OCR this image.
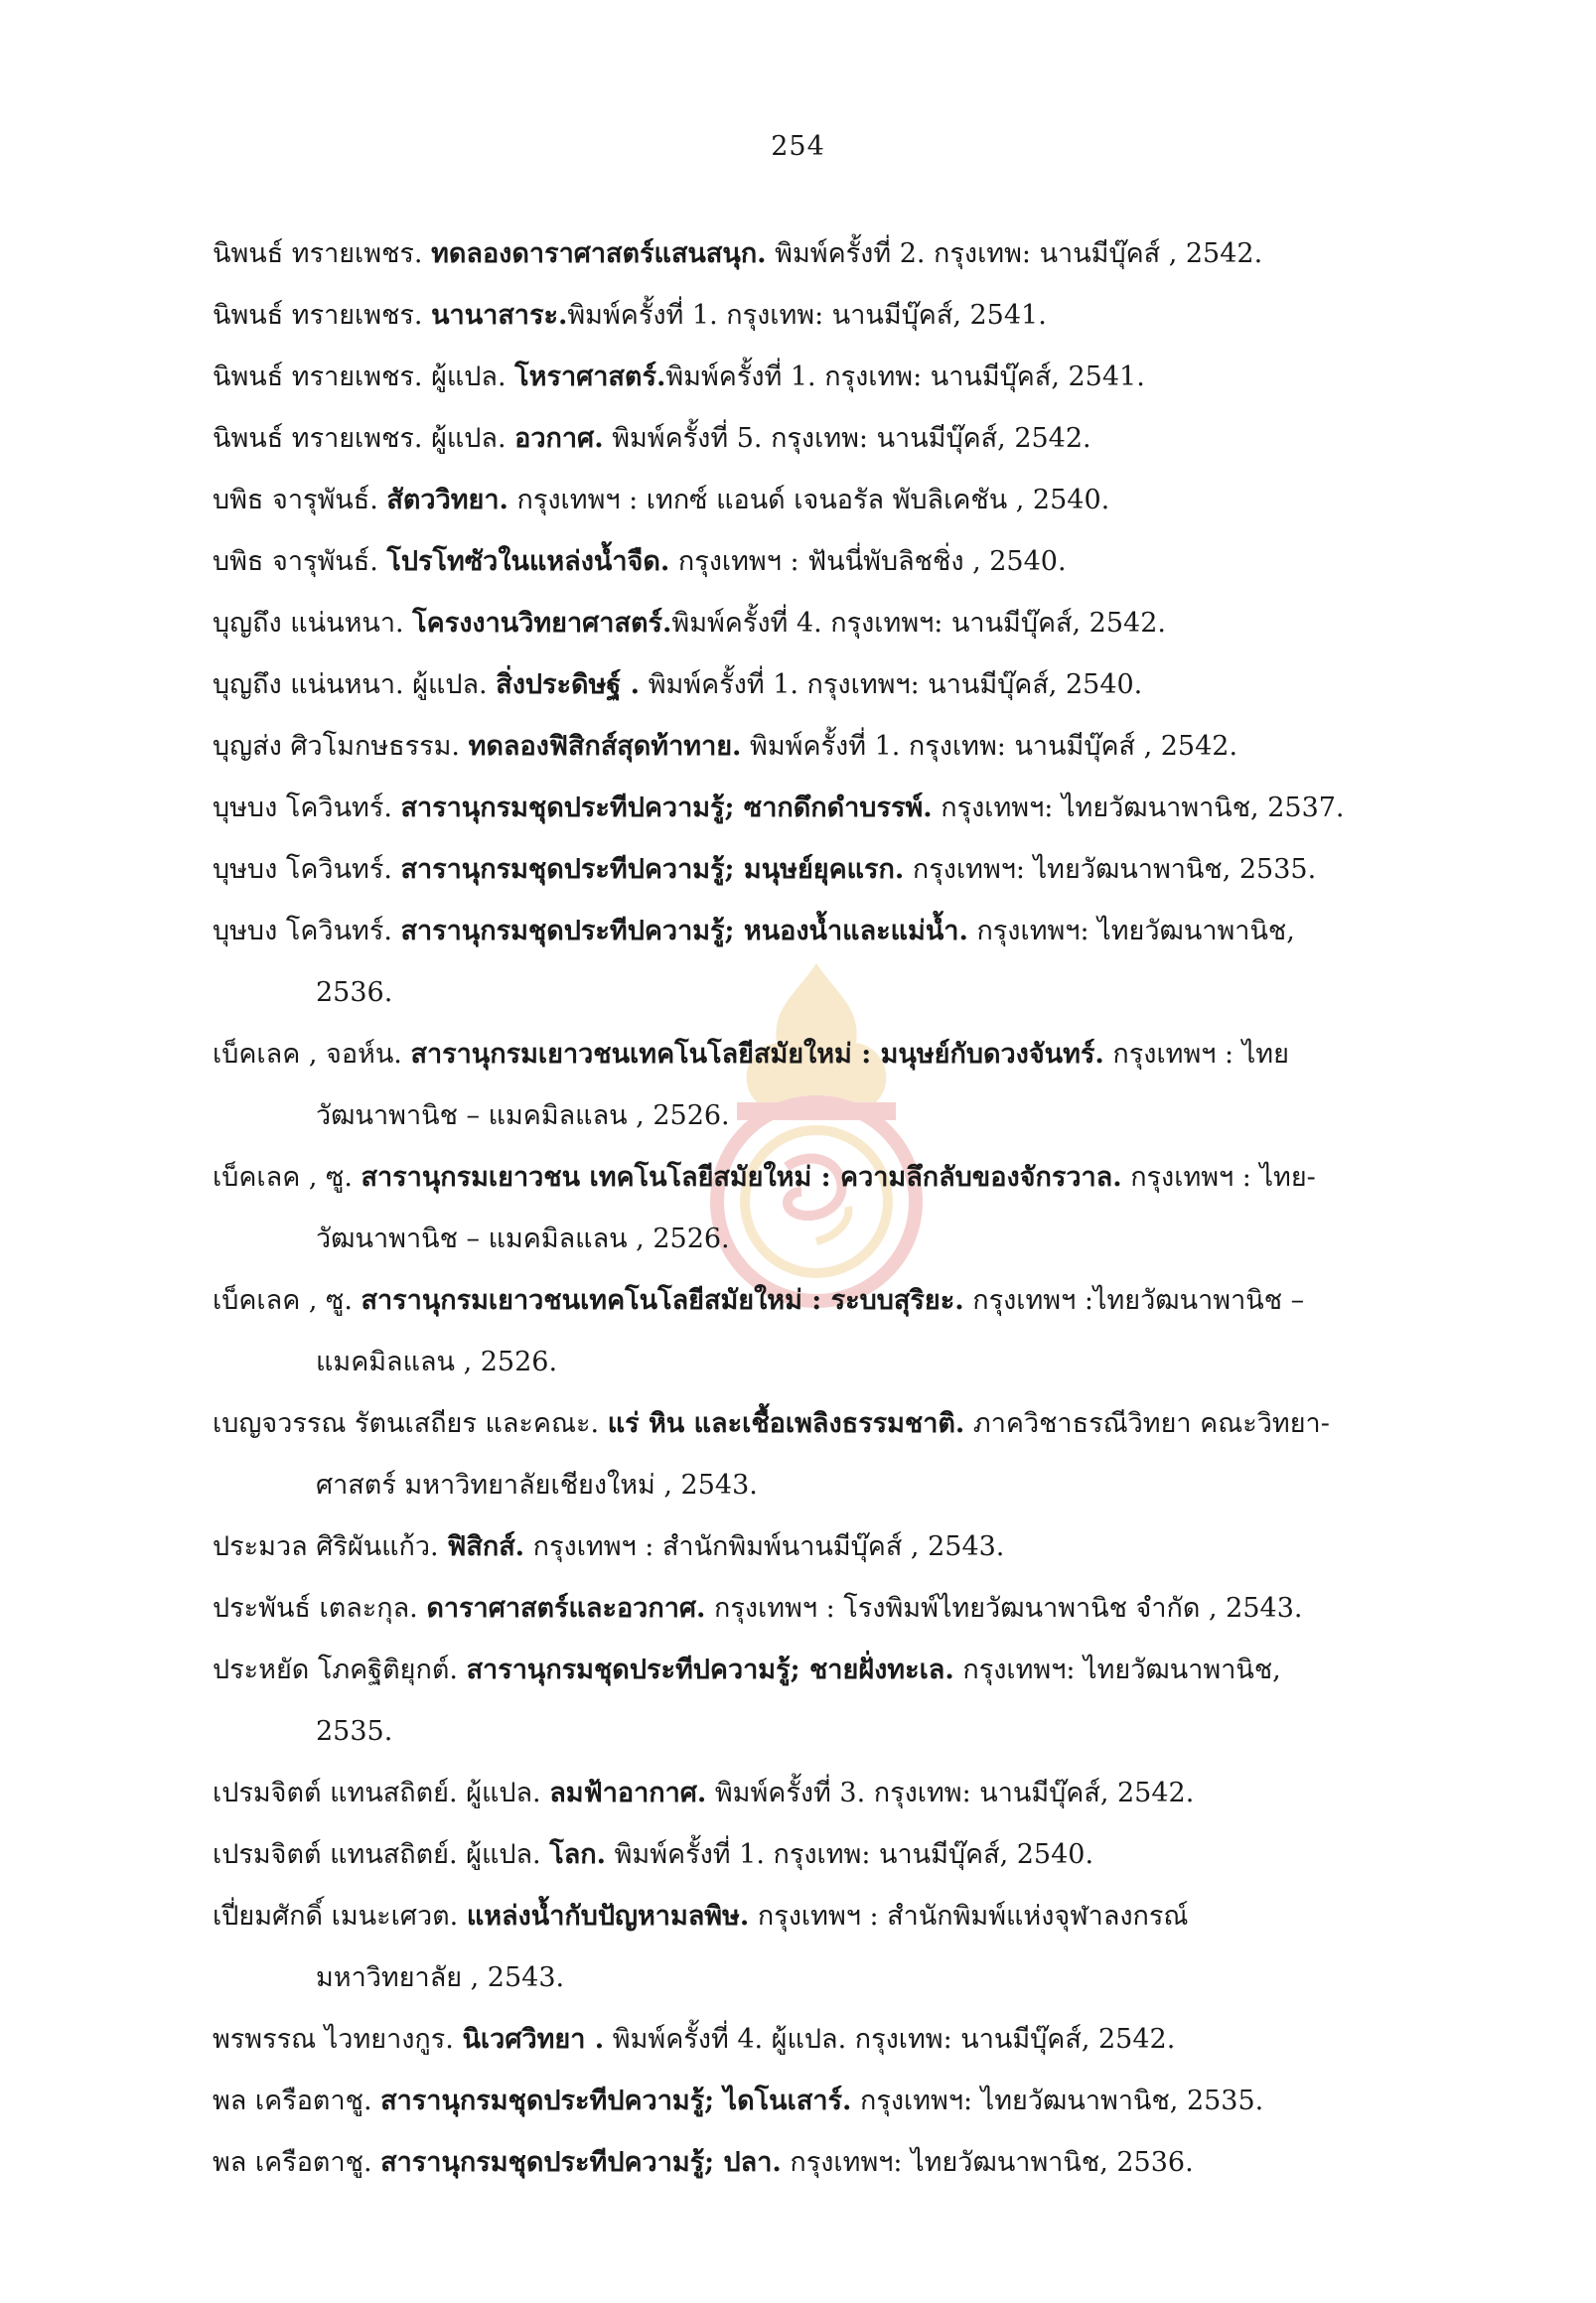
254
นิพนธ์ ทรายเพชร. ทดลองดาราศาสตร์แสนสนุก. พิมพ์ครั้งที่ 2. กรุงเทพ: นานมีบุ๊คส์ , 2542.
นิพนธ์ ทรายเพชร. นานาสาระ.พิมพ์ครั้งที่ 1. กรุงเทพ: นานมีบุ๊คส์, 2541.
นิพนธ์ ทรายเพชร. ผู้แปล. โหราศาสตร์.พิมพ์ครั้งที่ 1. กรุงเทพ: นานมีบุ๊คส์, 2541.
นิพนธ์ ทรายเพชร. ผู้แปล. อวกาศ. พิมพ์ครั้งที่ 5. กรุงเทพ: นานมีบุ๊คส์, 2542.
บพิธ จารุพันธ์. สัตววิทยา. กรุงเทพฯ : เทกซ์ แอนด์ เจนอรัล พับลิเคชัน , 2540.
บพิธ จารุพันธ์. โปรโทซัวในแหล่งน้ำจืด. กรุงเทพฯ : ฟันนี่พับลิชชิ่ง , 2540.
บุญถึง แน่นหนา. โครงงานวิทยาศาสตร์.พิมพ์ครั้งที่ 4. กรุงเทพฯ: นานมีบุ๊คส์, 2542.
บุญถึง แน่นหนา. ผู้แปล. สิ่งประดิษฐ์ . พิมพ์ครั้งที่ 1. กรุงเทพฯ: นานมีบุ๊คส์, 2540.
บุญส่ง ศิวโมกษธรรม. ทดลองฟิสิกส์สุดท้าทาย. พิมพ์ครั้งที่ 1. กรุงเทพ: นานมีบุ๊คส์ , 2542.
บุษบง โควินทร์. สารานุกรมชุดประทีปความรู้; ซากดึกดำบรรพ์. กรุงเทพฯ: ไทยวัฒนาพานิช, 2537.
บุษบง โควินทร์. สารานุกรมชุดประทีปความรู้; มนุษย์ยุคแรก. กรุงเทพฯ: ไทยวัฒนาพานิช, 2535.
บุษบง โควินทร์. สารานุกรมชุดประทีปความรู้; หนองน้ำและแม่น้ำ. กรุงเทพฯ: ไทยวัฒนาพานิช,
2536.
เบ็คเลค , จอห์น. สารานุกรมเยาวชนเทคโนโลยีสมัยใหม่ : มนุษย์กับดวงจันทร์. กรุงเทพฯ : ไทย
วัฒนาพานิช – แมคมิลแลน , 2526.
เบ็คเลค , ซู. สารานุกรมเยาวชน เทคโนโลยีสมัยใหม่ : ความลึกลับของจักรวาล. กรุงเทพฯ : ไทย-
วัฒนาพานิช – แมคมิลแลน , 2526.
เบ็คเลค , ซู. สารานุกรมเยาวชนเทคโนโลยีสมัยใหม่ : ระบบสุริยะ. กรุงเทพฯ :ไทยวัฒนาพานิช –
แมคมิลแลน , 2526.
เบญจวรรณ รัตนเสถียร และคณะ. แร่ หิน และเชื้อเพลิงธรรมชาติ. ภาควิชาธรณีวิทยา คณะวิทยา-
ศาสตร์ มหาวิทยาลัยเชียงใหม่ , 2543.
ประมวล ศิริผันแก้ว. ฟิสิกส์. กรุงเทพฯ : สำนักพิมพ์นานมีบุ๊คส์ , 2543.
ประพันธ์ เตละกุล. ดาราศาสตร์และอวกาศ. กรุงเทพฯ : โรงพิมพ์ไทยวัฒนาพานิช จำกัด , 2543.
ประหยัด โภคฐิติยุกต์. สารานุกรมชุดประทีปความรู้; ชายฝั่งทะเล. กรุงเทพฯ: ไทยวัฒนาพานิช,
2535.
เปรมจิตต์ แทนสถิตย์. ผู้แปล. ลมฟ้าอากาศ. พิมพ์ครั้งที่ 3. กรุงเทพ: นานมีบุ๊คส์, 2542.
เปรมจิตต์ แทนสถิตย์. ผู้แปล. โลก. พิมพ์ครั้งที่ 1. กรุงเทพ: นานมีบุ๊คส์, 2540.
เปี่ยมศักดิ์ เมนะเศวต. แหล่งน้ำกับปัญหามลพิษ. กรุงเทพฯ : สำนักพิมพ์แห่งจุฬาลงกรณ์
มหาวิทยาลัย , 2543.
พรพรรณ ไวทยางกูร. นิเวศวิทยา . พิมพ์ครั้งที่ 4. ผู้แปล. กรุงเทพ: นานมีบุ๊คส์, 2542.
พล เครือตาชู. สารานุกรมชุดประทีปความรู้; ไดโนเสาร์. กรุงเทพฯ: ไทยวัฒนาพานิช, 2535.
พล เครือตาชู. สารานุกรมชุดประทีปความรู้; ปลา. กรุงเทพฯ: ไทยวัฒนาพานิช, 2536.
